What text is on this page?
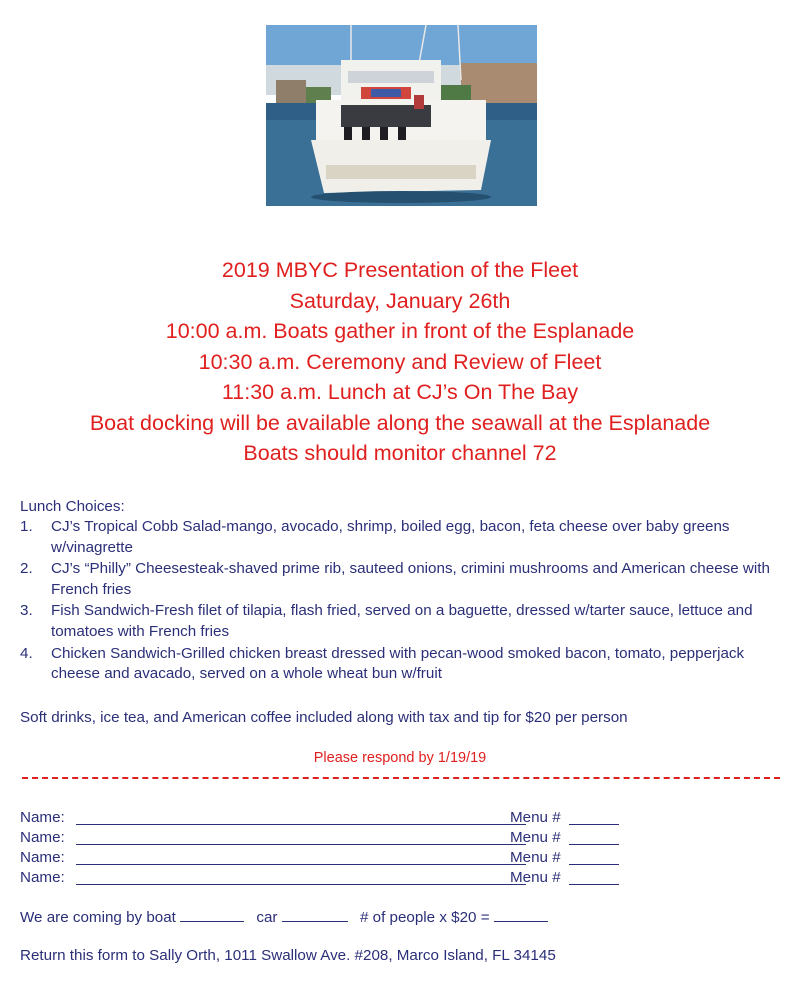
2019 MBYC Presentation of the Fleet
Saturday, January 26th
10:00 a.m. Boats gather in front of the Esplanade
10:30 a.m. Ceremony and Review of Fleet
11:30 a.m. Lunch at CJ’s On The Bay
Boat docking will be available along the seawall at the Esplanade
Boats should monitor channel 72
Lunch Choices:
1. CJ’s Tropical Cobb Salad-mango, avocado, shrimp, boiled egg, bacon, feta cheese over baby greens w/vinagrette
2. CJ’s “Philly” Cheesesteak-shaved prime rib, sauteed onions, crimini mushrooms and American cheese with French fries
3. Fish Sandwich-Fresh filet of tilapia, flash fried, served on a baguette, dressed w/tarter sauce, lettuce and tomatoes with French fries
4. Chicken Sandwich-Grilled chicken breast dressed with pecan-wood smoked bacon, tomato, pepperjack cheese and avacado, served on a whole wheat bun w/fruit
Soft drinks, ice tea, and American coffee included along with tax and tip for $20 per person
Please respond by 1/19/19
Name:	Menu #
Name:	Menu #
Name:	Menu #
Name:	Menu #
We are coming by boat	car	# of people x $20 =
Return this form to Sally Orth, 1011 Swallow Ave. #208, Marco Island, FL 34145
